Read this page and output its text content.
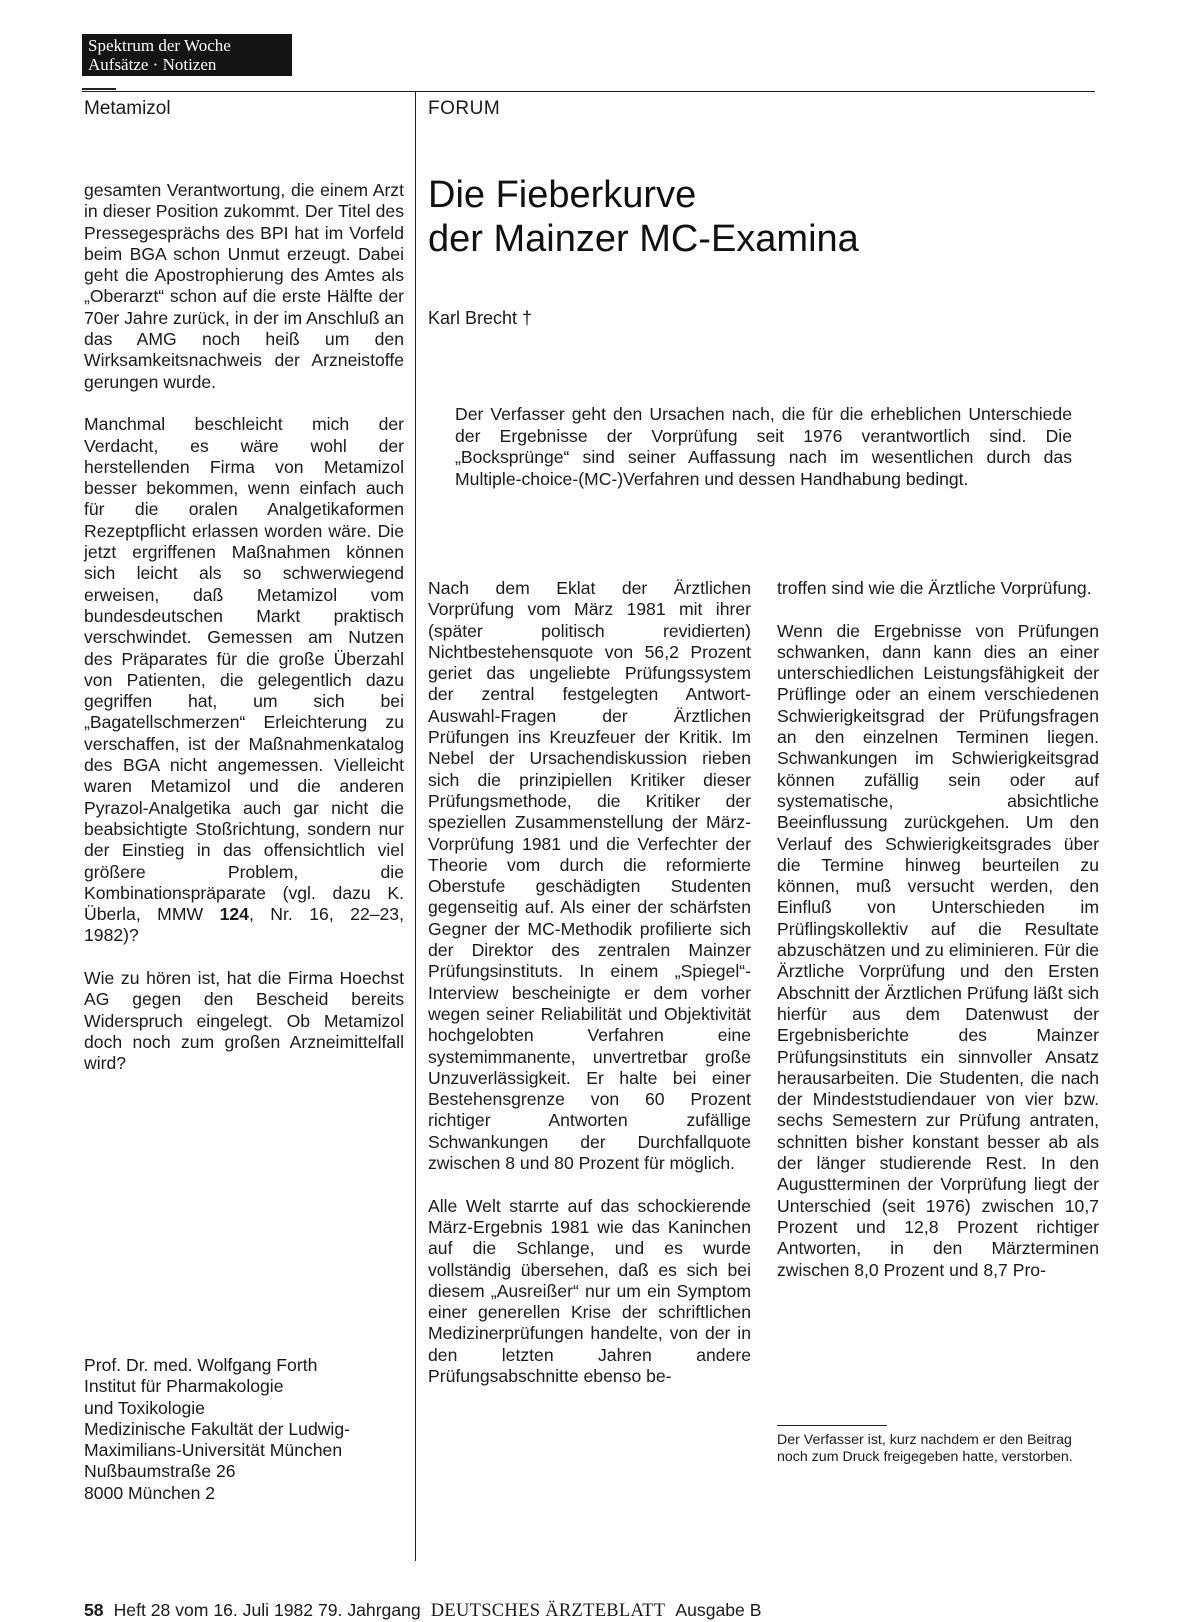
Spektrum der Woche
Aufsätze · Notizen
Metamizol	FORUM

gesamten Verantwortung, die einem Arzt in dieser Position zukommt. Der Titel des Pressegesprächs des BPI hat im Vorfeld beim BGA schon Unmut erzeugt. Dabei geht die Apostrophierung des Amtes als „Oberarzt“ schon auf die erste Hälfte der 70er Jahre zurück, in der im Anschluß an das AMG noch heiß um den Wirksamkeitsnachweis der Arzneistoffe gerungen wurde.

Manchmal beschleicht mich der Verdacht, es wäre wohl der herstellenden Firma von Metamizol besser bekommen, wenn einfach auch für die oralen Analgetikaformen Rezeptpflicht erlassen worden wäre. Die jetzt ergriffenen Maßnahmen können sich leicht als so schwerwiegend erweisen, daß Metamizol vom bundesdeutschen Markt praktisch verschwindet. Gemessen am Nutzen des Präparates für die große Überzahl von Patienten, die gelegentlich dazu gegriffen hat, um sich bei „Bagatellschmerzen“ Erleichterung zu verschaffen, ist der Maßnahmenkatalog des BGA nicht angemessen. Vielleicht waren Metamizol und die anderen Pyrazol-Analgetika auch gar nicht die beabsichtigte Stoßrichtung, sondern nur der Einstieg in das offensichtlich viel größere Problem, die Kombinationspräparate (vgl. dazu K. Überla, MMW 124, Nr. 16, 22–23, 1982)?

Wie zu hören ist, hat die Firma Hoechst AG gegen den Bescheid bereits Widerspruch eingelegt. Ob Metamizol doch noch zum großen Arzneimittelfall wird?

Prof. Dr. med. Wolfgang Forth
Institut für Pharmakologie
und Toxikologie
Medizinische Fakultät der Ludwig-
Maximilians-Universität München
Nußbaumstraße 26
8000 München 2
Die Fieberkurve
der Mainzer MC-Examina
Karl Brecht †
Der Verfasser geht den Ursachen nach, die für die erheblichen Unterschiede der Ergebnisse der Vorprüfung seit 1976 verantwortlich sind. Die „Bocksprünge“ sind seiner Auffassung nach im wesentlichen durch das Multiple-choice-(MC-)Verfahren und dessen Handhabung bedingt.

Nach dem Eklat der Ärztlichen Vorprüfung vom März 1981 mit ihrer (später politisch revidierten) Nichtbestehensquote von 56,2 Prozent geriet das ungeliebte Prüfungssystem der zentral festgelegten Antwort-Auswahl-Fragen der Ärztlichen Prüfungen ins Kreuzfeuer der Kritik. Im Nebel der Ursachendiskussion rieben sich die prinzipiellen Kritiker dieser Prüfungsmethode, die Kritiker der speziellen Zusammenstellung der März-Vorprüfung 1981 und die Verfechter der Theorie vom durch die reformierte Oberstufe geschädigten Studenten gegenseitig auf. Als einer der schärfsten Gegner der MC-Methodik profilierte sich der Direktor des zentralen Mainzer Prüfungsinstituts. In einem „Spiegel“-Interview bescheinigte er dem vorher wegen seiner Reliabilität und Objektivität hochgelobten Verfahren eine systemimmanente, unvertretbar große Unzuverlässigkeit. Er halte bei einer Bestehensgrenze von 60 Prozent richtiger Antworten zufällige Schwankungen der Durchfallquote zwischen 8 und 80 Prozent für möglich.

Alle Welt starrte auf das schockierende März-Ergebnis 1981 wie das Kaninchen auf die Schlange, und es wurde vollständig übersehen, daß es sich bei diesem „Ausreißer“ nur um ein Symptom einer generellen Krise der schriftlichen Medizinerprüfungen handelte, von der in den letzten Jahren andere Prüfungsabschnitte ebenso be-

troffen sind wie die Ärztliche Vorprüfung.

Wenn die Ergebnisse von Prüfungen schwanken, dann kann dies an einer unterschiedlichen Leistungsfähigkeit der Prüflinge oder an einem verschiedenen Schwierigkeitsgrad der Prüfungsfragen an den einzelnen Terminen liegen. Schwankungen im Schwierigkeitsgrad können zufällig sein oder auf systematische, absichtliche Beeinflussung zurückgehen. Um den Verlauf des Schwierigkeitsgrades über die Termine hinweg beurteilen zu können, muß versucht werden, den Einfluß von Unterschieden im Prüflingskollektiv auf die Resultate abzuschätzen und zu eliminieren. Für die Ärztliche Vorprüfung und den Ersten Abschnitt der Ärztlichen Prüfung läßt sich hierfür aus dem Datenwust der Ergebnisberichte des Mainzer Prüfungsinstituts ein sinnvoller Ansatz herausarbeiten. Die Studenten, die nach der Mindeststudiendauer von vier bzw. sechs Semestern zur Prüfung antraten, schnitten bisher konstant besser ab als der länger studierende Rest. In den Augustterminen der Vorprüfung liegt der Unterschied (seit 1976) zwischen 10,7 Prozent und 12,8 Prozent richtiger Antworten, in den Märzterminen zwischen 8,0 Prozent und 8,7 Pro-

Der Verfasser ist, kurz nachdem er den Beitrag noch zum Druck freigegeben hatte, verstorben.
58 Heft 28 vom 16. Juli 1982 79. Jahrgang DEUTSCHES ÄRZTEBLATT Ausgabe B
